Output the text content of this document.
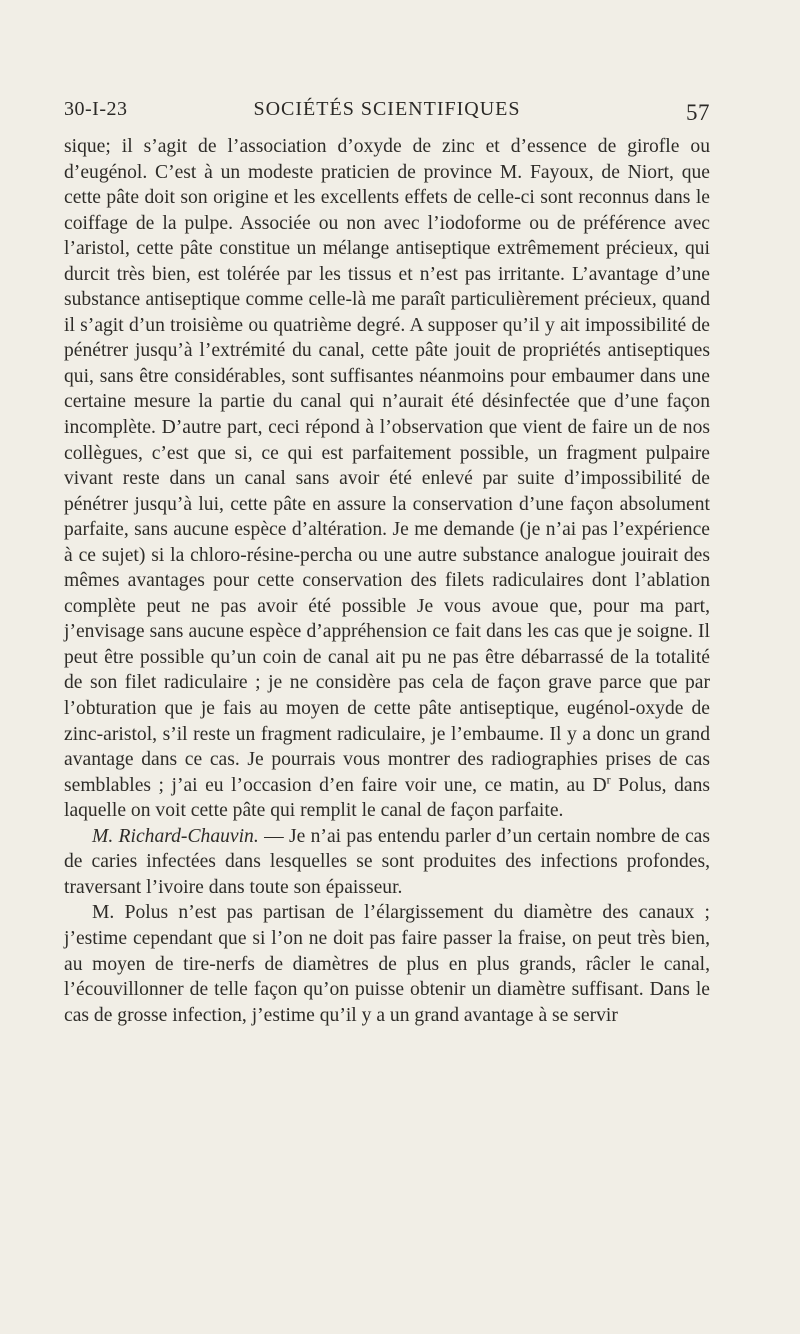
30-I-23	SOCIÉTÉS SCIENTIFIQUES	57

sique; il s’agit de l’association d’oxyde de zinc et d’essence de girofle ou d’eugénol. C’est à un modeste praticien de province M. Fayoux, de Niort, que cette pâte doit son origine et les excellents effets de celle-ci sont reconnus dans le coiffage de la pulpe. Associée ou non avec l’iodoforme ou de préférence avec l’aristol, cette pâte constitue un mélange antiseptique extrêmement précieux, qui durcit très bien, est tolérée par les tissus et n’est pas irritante. L’avantage d’une substance antiseptique comme celle-là me paraît particulièrement précieux, quand il s’agit d’un troisième ou quatrième degré. A supposer qu’il y ait impossibilité de pénétrer jusqu’à l’extrémité du canal, cette pâte jouit de propriétés antiseptiques qui, sans être considérables, sont suffisantes néanmoins pour embaumer dans une certaine mesure la partie du canal qui n’aurait été désinfectée que d’une façon incomplète. D’autre part, ceci répond à l’observation que vient de faire un de nos collègues, c’est que si, ce qui est parfaitement possible, un fragment pulpaire vivant reste dans un canal sans avoir été enlevé par suite d’impossibilité de pénétrer jusqu’à lui, cette pâte en assure la conservation d’une façon absolument parfaite, sans aucune espèce d’altération. Je me demande (je n’ai pas l’expérience à ce sujet) si la chloro-résine-percha ou une autre substance analogue jouirait des mêmes avantages pour cette conservation des filets radiculaires dont l’ablation complète peut ne pas avoir été possible Je vous avoue que, pour ma part, j’envisage sans aucune espèce d’appréhension ce fait dans les cas que je soigne. Il peut être possible qu’un coin de canal ait pu ne pas être débarrassé de la totalité de son filet radiculaire ; je ne considère pas cela de façon grave parce que par l’obturation que je fais au moyen de cette pâte antiseptique, eugénol-oxyde de zinc-aristol, s’il reste un fragment radiculaire, je l’embaume. Il y a donc un grand avantage dans ce cas. Je pourrais vous montrer des radiographies prises de cas semblables ; j’ai eu l’occasion d’en faire voir une, ce matin, au $D^r$ Polus, dans laquelle on voit cette pâte qui remplit le canal de façon parfaite.

M. Richard-Chauvin. — Je n’ai pas entendu parler d’un certain nombre de cas de caries infectées dans lesquelles se sont produites des infections profondes, traversant l’ivoire dans toute son épaisseur.

M. Polus n’est pas partisan de l’élargissement du diamètre des canaux ; j’estime cependant que si l’on ne doit pas faire passer la fraise, on peut très bien, au moyen de tire-nerfs de diamètres de plus en plus grands, râcler le canal, l’écouvillonner de telle façon qu’on puisse obtenir un diamètre suffisant. Dans le cas de grosse infection, j’estime qu’il y a un grand avantage à se servir
